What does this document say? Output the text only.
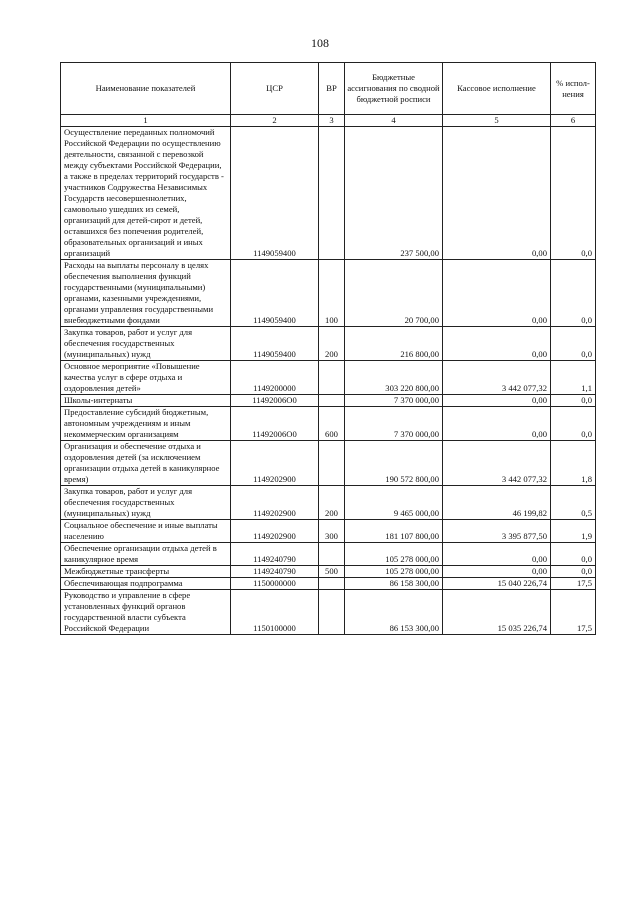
108
Наименование показателей	ЦСР	ВР	Бюджетные ассигнования по сводной бюджетной росписи	Кассовое исполнение	% испол-нения
1	2	3	4	5	6
Осуществление переданных полномочий Российской Федерации по осуществлению деятельности, связанной с перевозкой между субъектами Российской Федерации, а также в пределах территорий государств - участников Содружества Независимых Государств несовершеннолетних, самовольно ушедших из семей, организаций для детей-сирот и детей, оставшихся без попечения родителей, образовательных организаций и иных организаций	1149059400		237 500,00	0,00	0,0
Расходы на выплаты персоналу в целях обеспечения выполнения функций государственными (муниципальными) органами, казенными учреждениями, органами управления государственными внебюджетными фондами	1149059400	100	20 700,00	0,00	0,0
Закупка товаров, работ и услуг для обеспечения государственных (муниципальных) нужд	1149059400	200	216 800,00	0,00	0,0
Основное мероприятие «Повышение качества услуг в сфере отдыха и оздоровления детей»	1149200000		303 220 800,00	3 442 077,32	1,1
Школы-интернаты	11492006О0		7 370 000,00	0,00	0,0
Предоставление субсидий бюджетным, автономным учреждениям и иным некоммерческим организациям	11492006О0	600	7 370 000,00	0,00	0,0
Организация и обеспечение отдыха и оздоровления детей (за исключением организации отдыха детей в каникулярное время)	1149202900		190 572 800,00	3 442 077,32	1,8
Закупка товаров, работ и услуг для обеспечения государственных (муниципальных) нужд	1149202900	200	9 465 000,00	46 199,82	0,5
Социальное обеспечение и иные выплаты населению	1149202900	300	181 107 800,00	3 395 877,50	1,9
Обеспечение организации отдыха детей в каникулярное время	1149240790		105 278 000,00	0,00	0,0
Межбюджетные трансферты	1149240790	500	105 278 000,00	0,00	0,0
Обеспечивающая подпрограмма	1150000000		86 158 300,00	15 040 226,74	17,5
Руководство и управление в сфере установленных функций органов государственной власти субъекта Российской Федерации	1150100000		86 153 300,00	15 035 226,74	17,5
